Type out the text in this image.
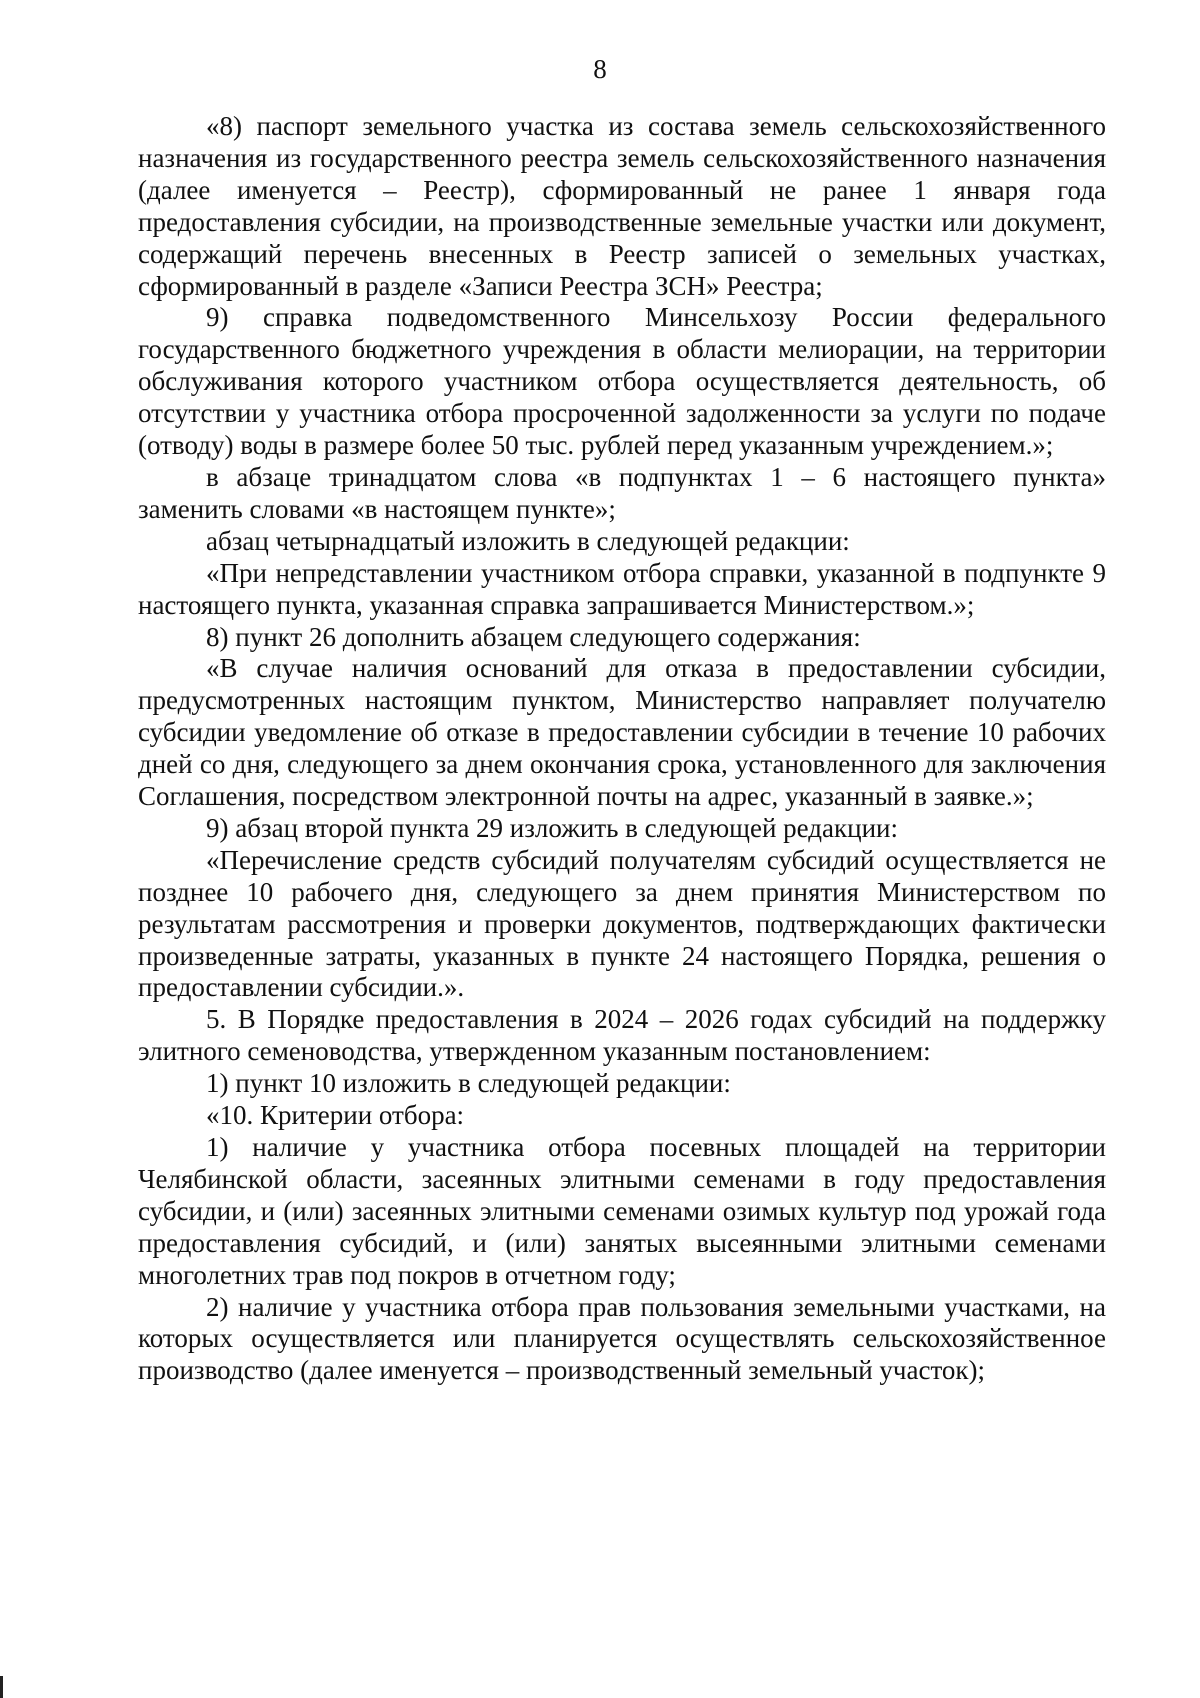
8

«8) паспорт земельного участка из состава земель сельскохозяйственного назначения из государственного реестра земель сельскохозяйственного назначения (далее именуется – Реестр), сформированный не ранее 1 января года предоставления субсидии, на производственные земельные участки или документ, содержащий перечень внесенных в Реестр записей о земельных участках, сформированный в разделе «Записи Реестра ЗСН» Реестра;

9) справка подведомственного Минсельхозу России федерального государственного бюджетного учреждения в области мелиорации, на территории обслуживания которого участником отбора осуществляется деятельность, об отсутствии у участника отбора просроченной задолженности за услуги по подаче (отводу) воды в размере более 50 тыс. рублей перед указанным учреждением.»;

в абзаце тринадцатом слова «в подпунктах 1 – 6 настоящего пункта» заменить словами «в настоящем пункте»;

абзац четырнадцатый изложить в следующей редакции:

«При непредставлении участником отбора справки, указанной в подпункте 9 настоящего пункта, указанная справка запрашивается Министерством.»;

8) пункт 26 дополнить абзацем следующего содержания:

«В случае наличия оснований для отказа в предоставлении субсидии, предусмотренных настоящим пунктом, Министерство направляет получателю субсидии уведомление об отказе в предоставлении субсидии в течение 10 рабочих дней со дня, следующего за днем окончания срока, установленного для заключения Соглашения, посредством электронной почты на адрес, указанный в заявке.»;

9) абзац второй пункта 29 изложить в следующей редакции:

«Перечисление средств субсидий получателям субсидий осуществляется не позднее 10 рабочего дня, следующего за днем принятия Министерством по результатам рассмотрения и проверки документов, подтверждающих фактически произведенные затраты, указанных в пункте 24 настоящего Порядка, решения о предоставлении субсидии.».

5. В Порядке предоставления в 2024 – 2026 годах субсидий на поддержку элитного семеноводства, утвержденном указанным постановлением:

1) пункт 10 изложить в следующей редакции:

«10. Критерии отбора:

1) наличие у участника отбора посевных площадей на территории Челябинской области, засеянных элитными семенами в году предоставления субсидии, и (или) засеянных элитными семенами озимых культур под урожай года предоставления субсидий, и (или) занятых высеянными элитными семенами многолетних трав под покров в отчетном году;

2) наличие у участника отбора прав пользования земельными участками, на которых осуществляется или планируется осуществлять сельскохозяйственное производство (далее именуется – производственный земельный участок);
